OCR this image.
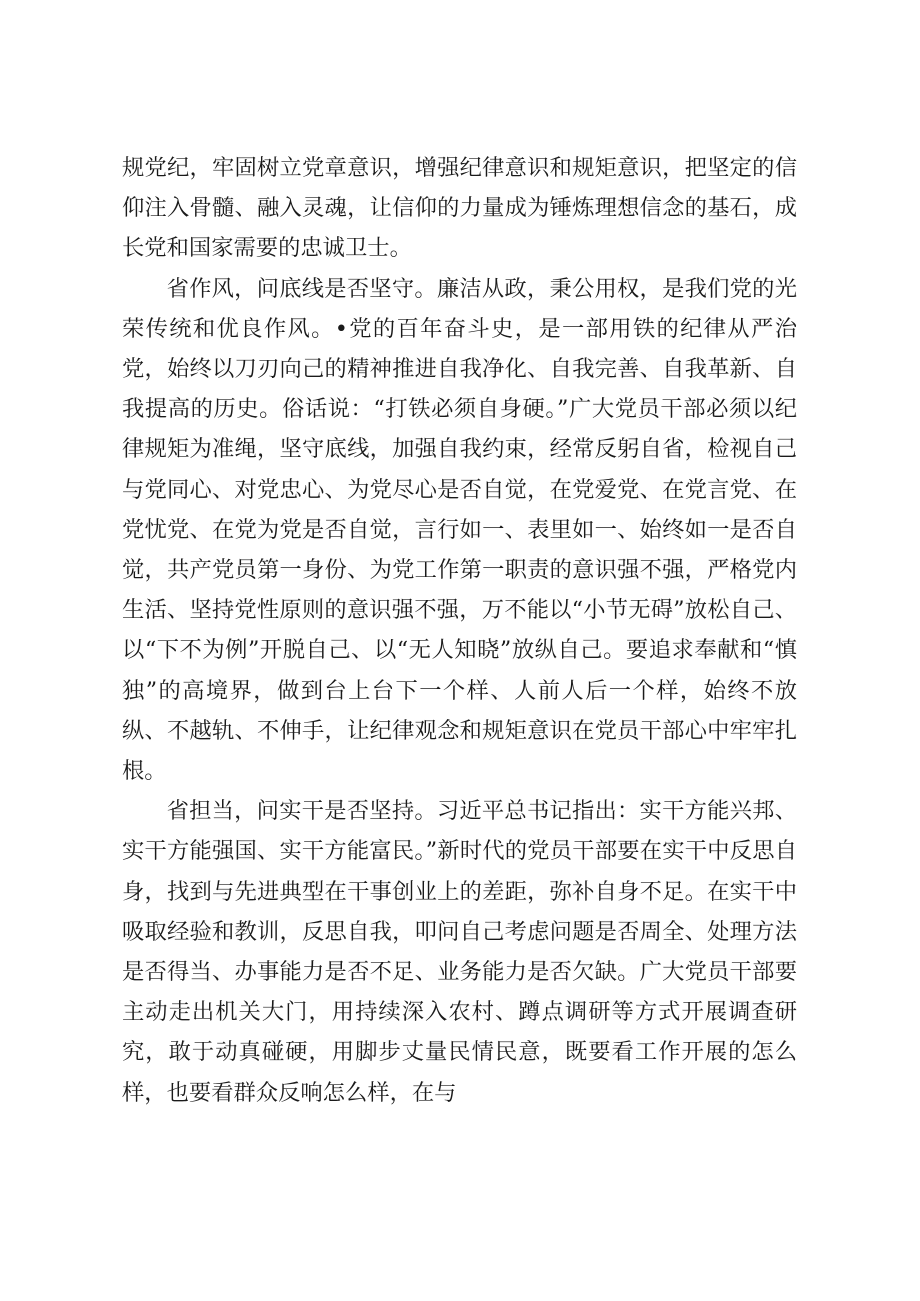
规党纪，牢固树立党章意识，增强纪律意识和规矩意识，把坚定的信仰注入骨髓、融入灵魂，让信仰的力量成为锤炼理想信念的基石，成长党和国家需要的忠诚卫士。

省作风，问底线是否坚守。廉洁从政，秉公用权，是我们党的光荣传统和优良作风。•党的百年奋斗史，是一部用铁的纪律从严治党，始终以刀刃向己的精神推进自我净化、自我完善、自我革新、自我提高的历史。俗话说：“打铁必须自身硬。”广大党员干部必须以纪律规矩为准绳，坚守底线，加强自我约束，经常反躬自省，检视自己与党同心、对党忠心、为党尽心是否自觉，在党爱党、在党言党、在党忧党、在党为党是否自觉，言行如一、表里如一、始终如一是否自觉，共产党员第一身份、为党工作第一职责的意识强不强，严格党内生活、坚持党性原则的意识强不强，万不能以“小节无碍”放松自己、以“下不为例”开脱自己、以“无人知晓”放纵自己。要追求奉献和“慎独”的高境界，做到台上台下一个样、人前人后一个样，始终不放纵、不越轨、不伸手，让纪律观念和规矩意识在党员干部心中牢牢扎根。

省担当，问实干是否坚持。习近平总书记指出：实干方能兴邦、实干方能强国、实干方能富民。”新时代的党员干部要在实干中反思自身，找到与先进典型在干事创业上的差距，弥补自身不足。在实干中吸取经验和教训，反思自我，叩问自己考虑问题是否周全、处理方法是否得当、办事能力是否不足、业务能力是否欠缺。广大党员干部要主动走出机关大门，用持续深入农村、蹲点调研等方式开展调查研究，敢于动真碰硬，用脚步丈量民情民意，既要看工作开展的怎么样，也要看群众反响怎么样，在与
